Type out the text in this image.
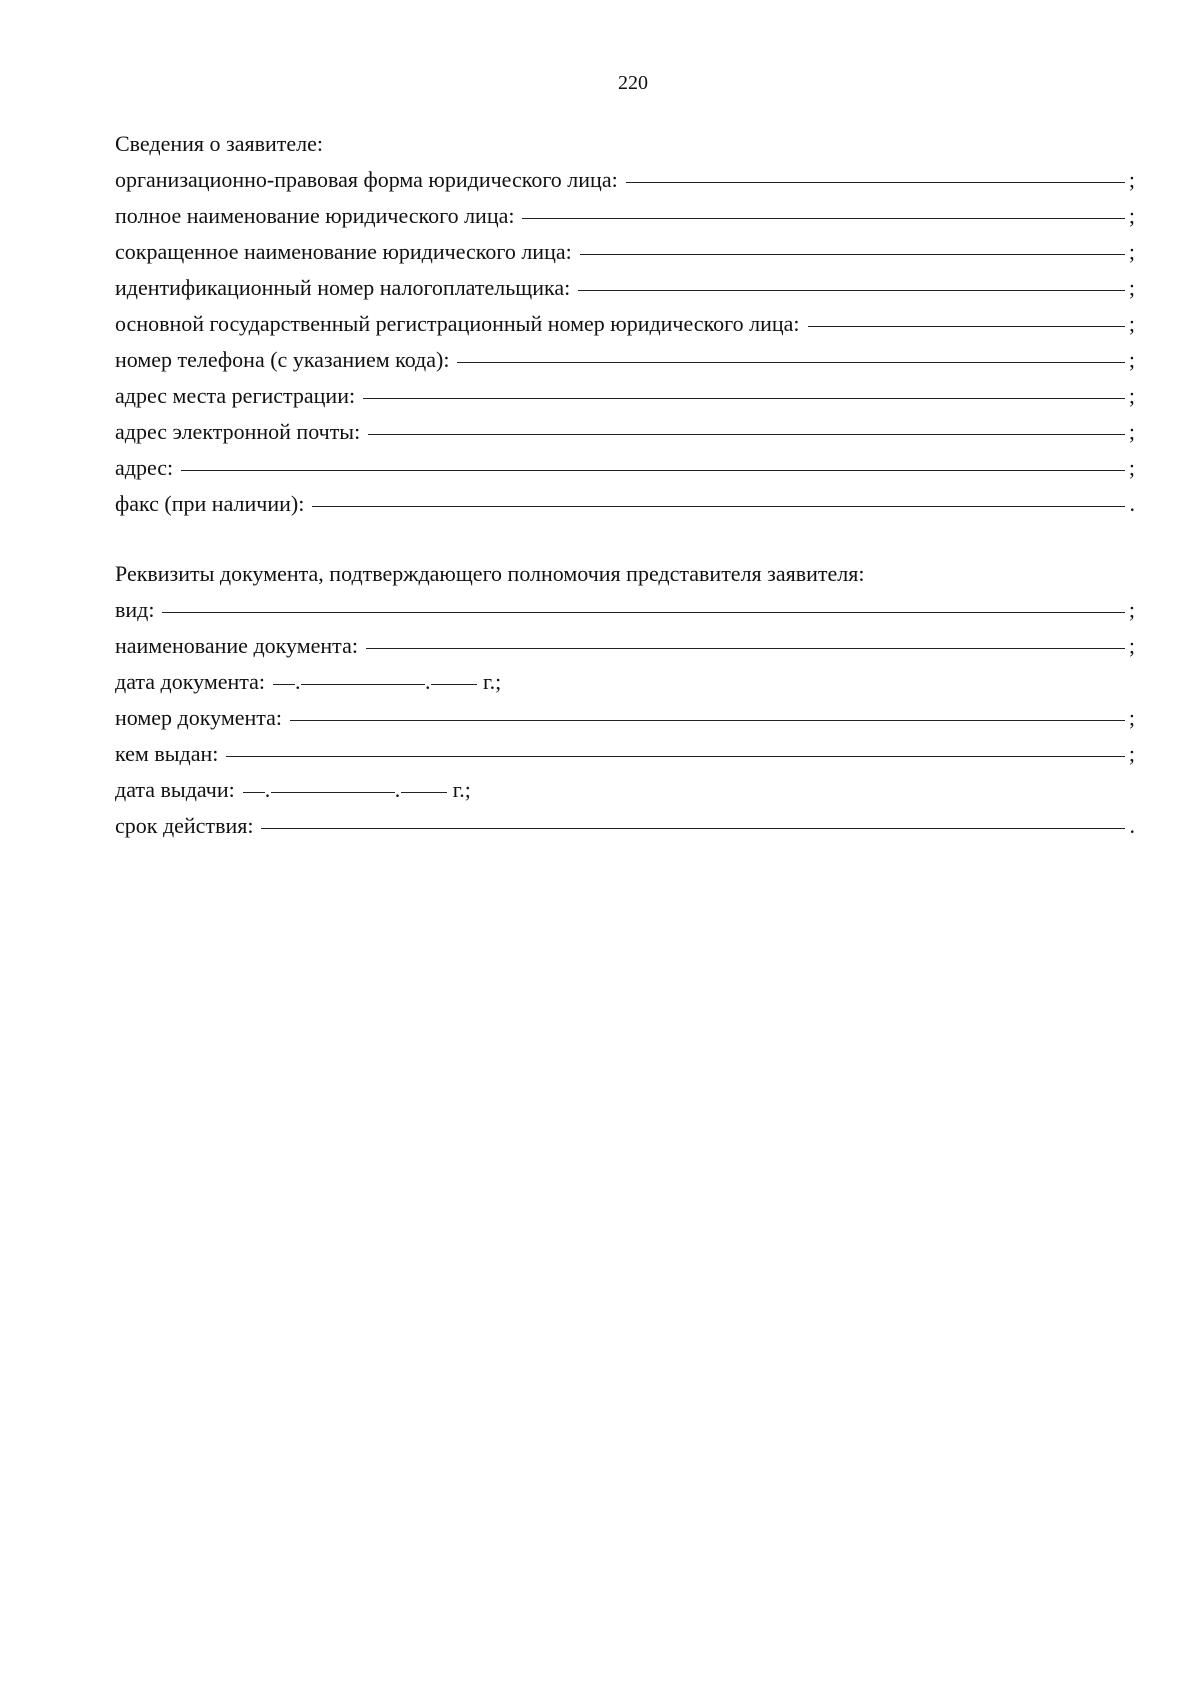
220
Сведения о заявителе:
организационно-правовая форма юридического лица:	;
полное наименование юридического лица:	;
сокращенное наименование юридического лица:	;
идентификационный номер налогоплательщика:	;
основной государственный регистрационный номер юридического лица:	;
номер телефона (с указанием кода):	;
адрес места регистрации:	;
адрес электронной почты:	;
адрес:	;
факс (при наличии):	.
Реквизиты документа, подтверждающего полномочия представителя заявителя:
вид:	;
наименование документа:	;
дата документа: .	. г.;
номер документа:	;
кем выдан:	;
дата выдачи: .	. г.;
срок действия:	.
